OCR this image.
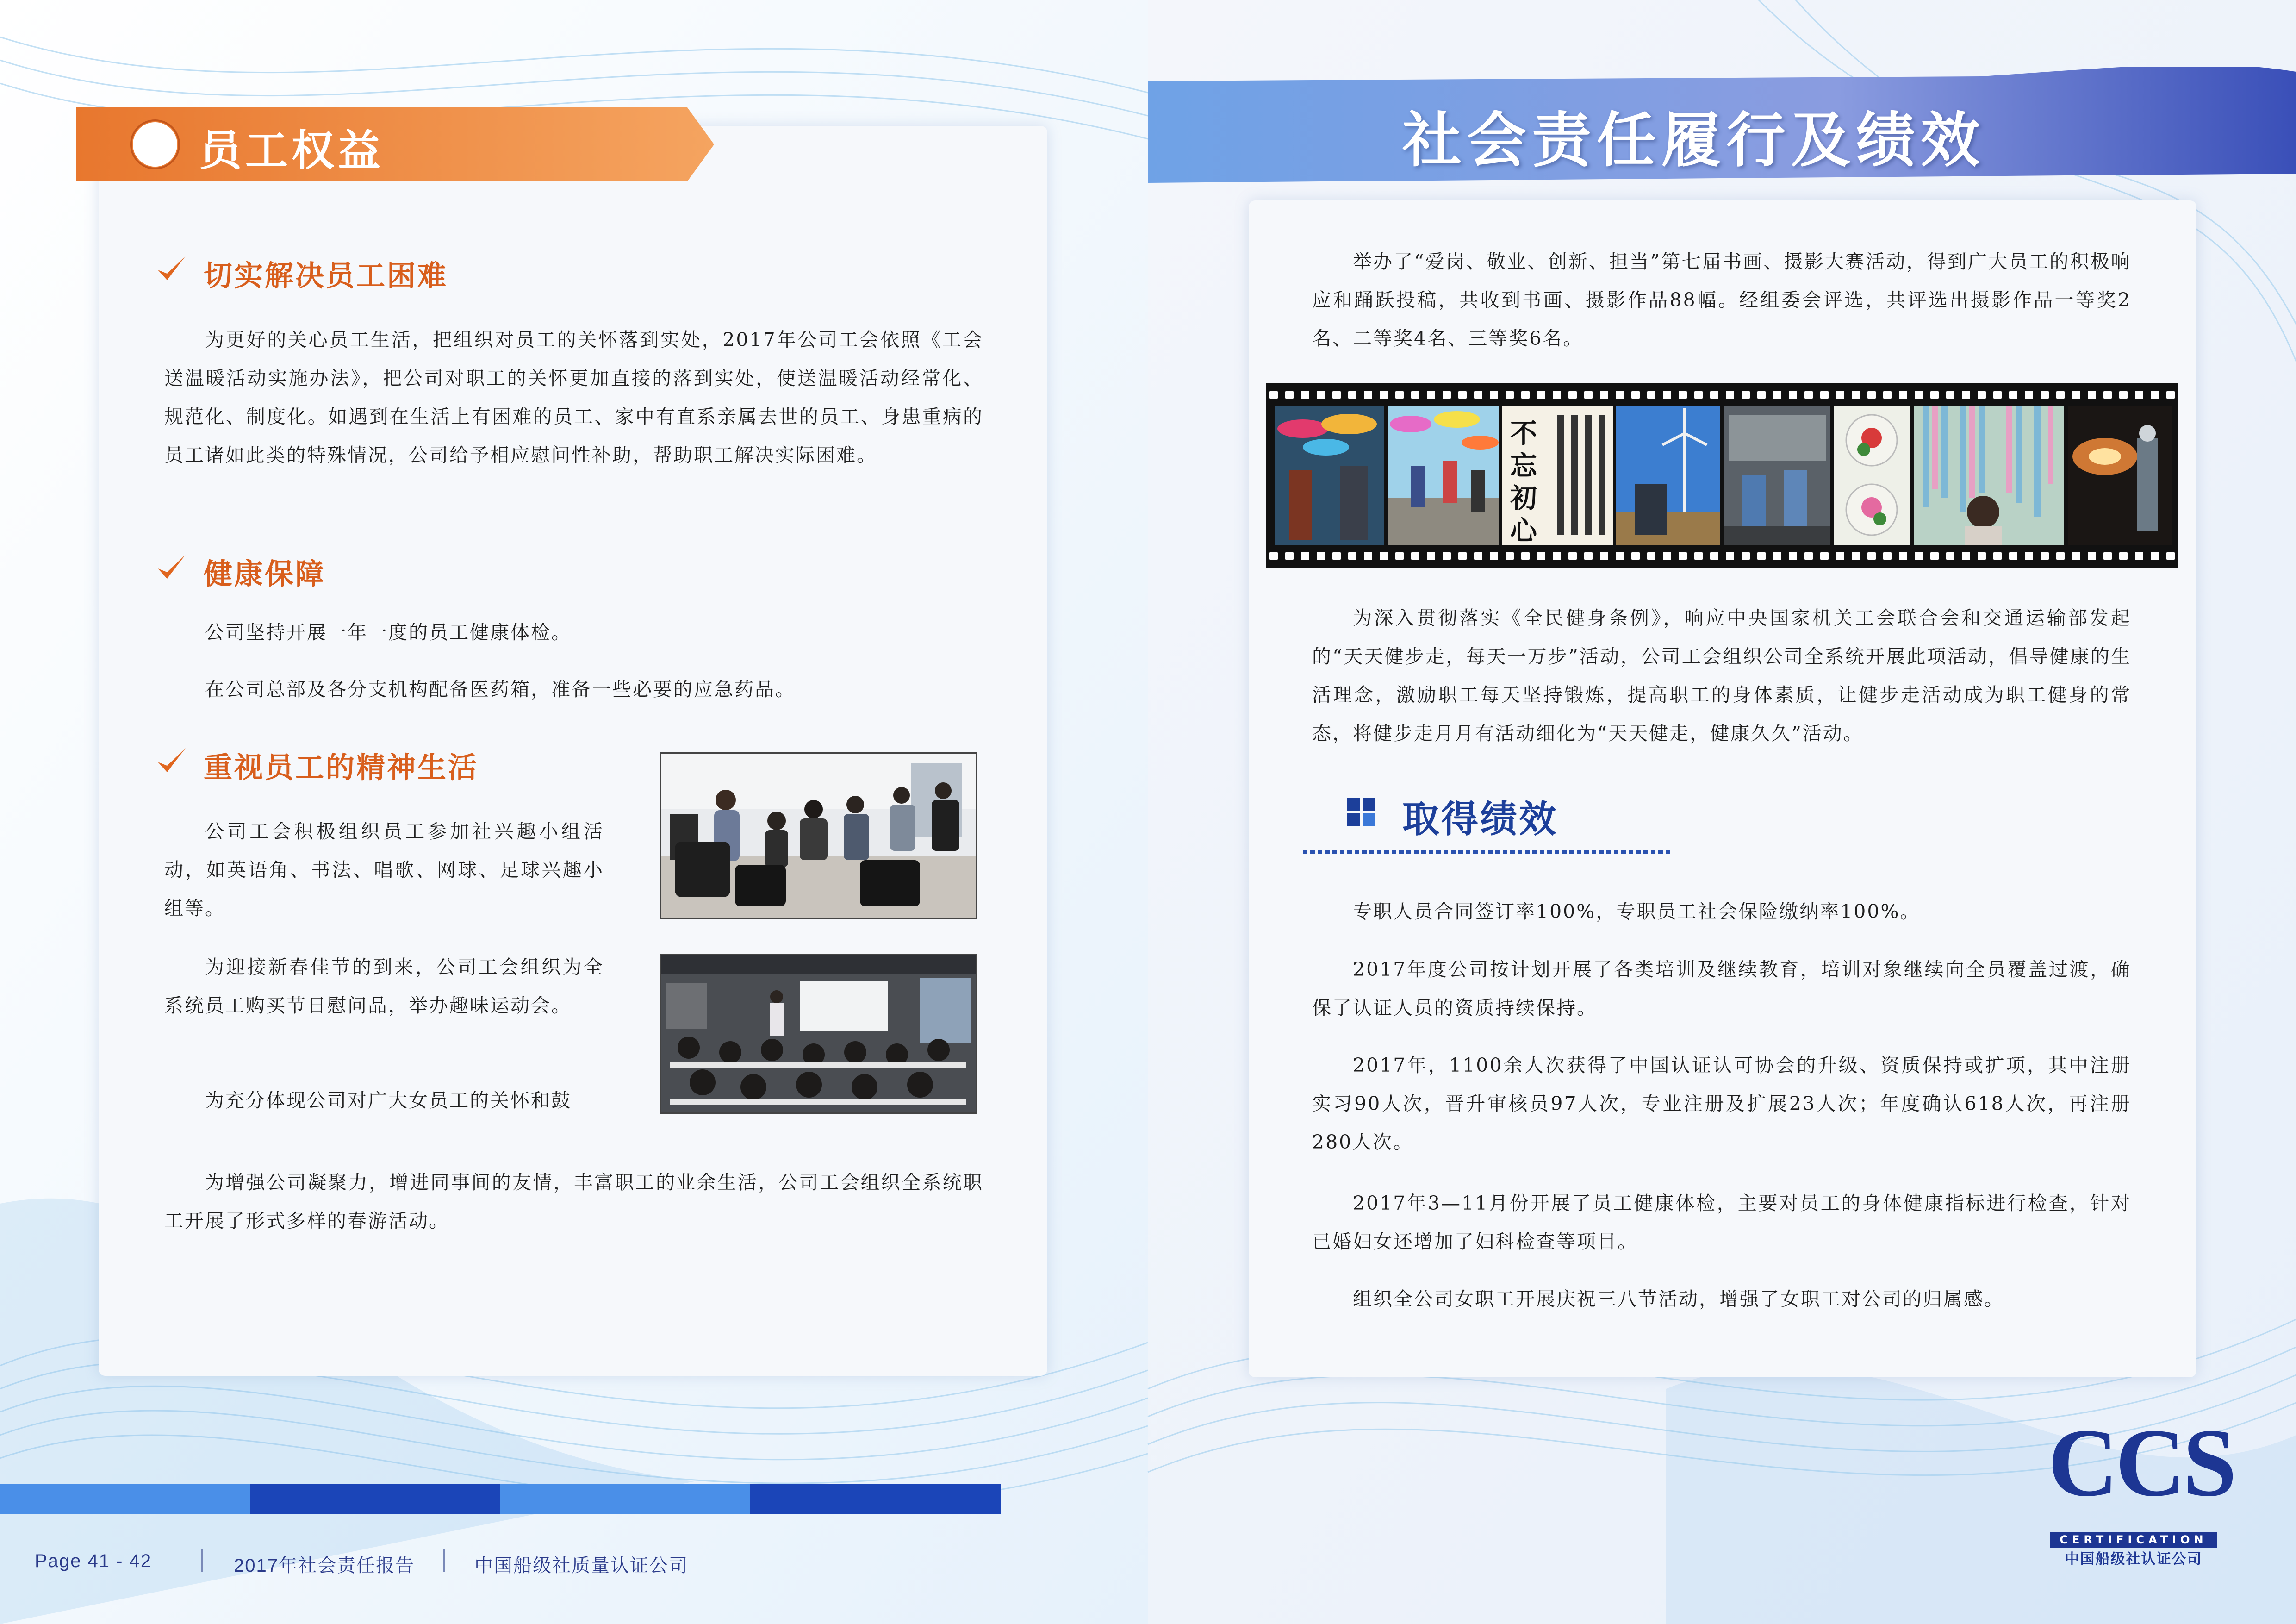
社会责任履行及绩效
员工权益
切实解决员工困难

为更好的关心员工生活，把组织对员工的关怀落到实处，2017年公司工会依照《工会送温暖活动实施办法》，把公司对职工的关怀更加直接的落到实处，使送温暖活动经常化、规范化、制度化。如遇到在生活上有困难的员工、家中有直系亲属去世的员工、身患重病的员工诸如此类的特殊情况，公司给予相应慰问性补助，帮助职工解决实际困难。

健康保障

公司坚持开展一年一度的员工健康体检。

在公司总部及各分支机构配备医药箱，准备一些必要的应急药品。

重视员工的精神生活

公司工会积极组织员工参加社兴趣小组活动，如英语角、书法、唱歌、网球、足球兴趣小组等。

为迎接新春佳节的到来，公司工会组织为全系统员工购买节日慰问品，举办趣味运动会。

为充分体现公司对广大女员工的关怀和鼓

为增强公司凝聚力，增进同事间的友情，丰富职工的业余生活，公司工会组织全系统职工开展了形式多样的春游活动。

举办了“爱岗、敬业、创新、担当”第七届书画、摄影大赛活动，得到广大员工的积极响应和踊跃投稿，共收到书画、摄影作品88幅。经组委会评选，共评选出摄影作品一等奖2名、二等奖4名、三等奖6名。

不
忘
初
心

为深入贯彻落实《全民健身条例》，响应中央国家机关工会联合会和交通运输部发起的“天天健步走，每天一万步”活动，公司工会组织公司全系统开展此项活动，倡导健康的生活理念，激励职工每天坚持锻炼，提高职工的身体素质，让健步走活动成为职工健身的常态，将健步走月月有活动细化为“天天健走，健康久久”活动。

取得绩效

专职人员合同签订率100%，专职员工社会保险缴纳率100%。

2017年度公司按计划开展了各类培训及继续教育，培训对象继续向全员覆盖过渡，确保了认证人员的资质持续保持。

2017年，1100余人次获得了中国认证认可协会的升级、资质保持或扩项，其中注册实习90人次，晋升审核员97人次，专业注册及扩展23人次；年度确认618人次，再注册280人次。

2017年3—11月份开展了员工健康体检，主要对员工的身体健康指标进行检查，针对已婚妇女还增加了妇科检查等项目。

组织全公司女职工开展庆祝三八节活动，增强了女职工对公司的归属感。

Page 41 - 42	2017年社会责任报告	中国船级社质量认证公司
CCS
CERTIFICATION
中国船级社认证公司
